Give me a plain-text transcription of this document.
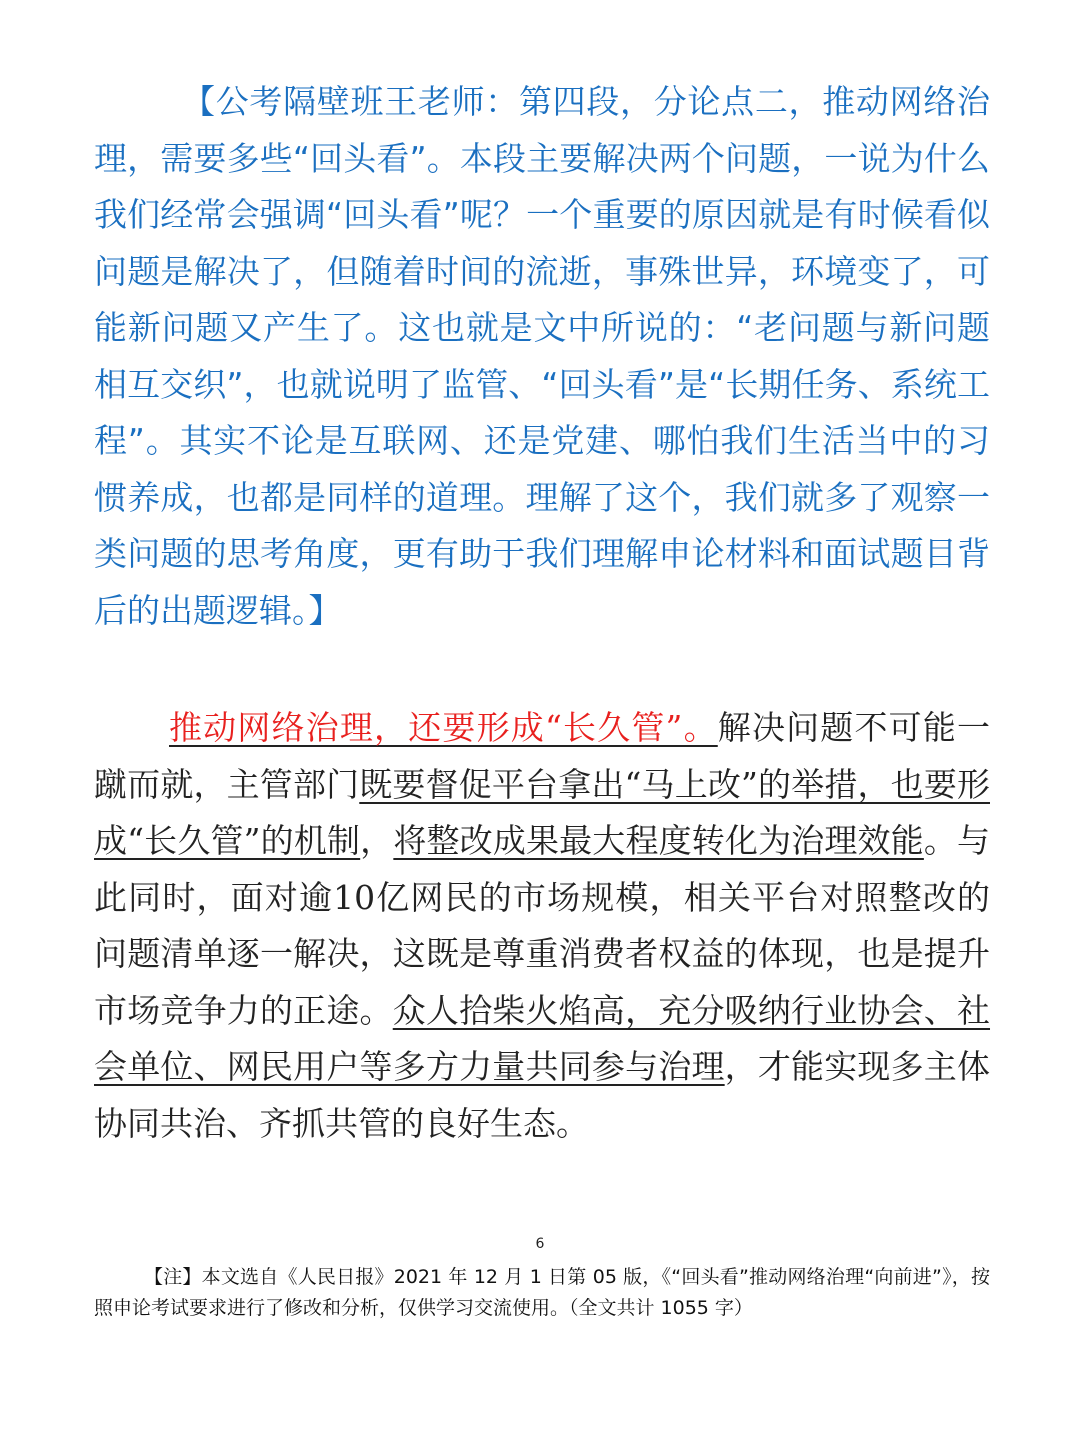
【公考隔壁班王老师：第四段，分论点二，推动网络治理，需要多些“回头看”。本段主要解决两个问题，一说为什么我们经常会强调“回头看”呢？一个重要的原因就是有时候看似问题是解决了，但随着时间的流逝，事殊世异，环境变了，可能新问题又产生了。这也就是文中所说的：“老问题与新问题相互交织”，也就说明了监管、“回头看”是“长期任务、系统工程”。其实不论是互联网、还是党建、哪怕我们生活当中的习惯养成，也都是同样的道理。理解了这个，我们就多了观察一类问题的思考角度，更有助于我们理解申论材料和面试题目背后的出题逻辑。】

推动网络治理，还要形成“长久管”。解决问题不可能一蹴而就，主管部门既要督促平台拿出“马上改”的举措，也要形成“长久管”的机制，将整改成果最大程度转化为治理效能。与此同时，面对逾10亿网民的市场规模，相关平台对照整改的问题清单逐一解决，这既是尊重消费者权益的体现，也是提升市场竞争力的正途。众人拾柴火焰高，充分吸纳行业协会、社会单位、网民用户等多方力量共同参与治理，才能实现多主体协同共治、齐抓共管的良好生态。

6

【注】本文选自《人民日报》2021 年 12 月 1 日第 05 版，《“回头看”推动网络治理“向前进”》，按照申论考试要求进行了修改和分析，仅供学习交流使用。（全文共计 1055 字）
